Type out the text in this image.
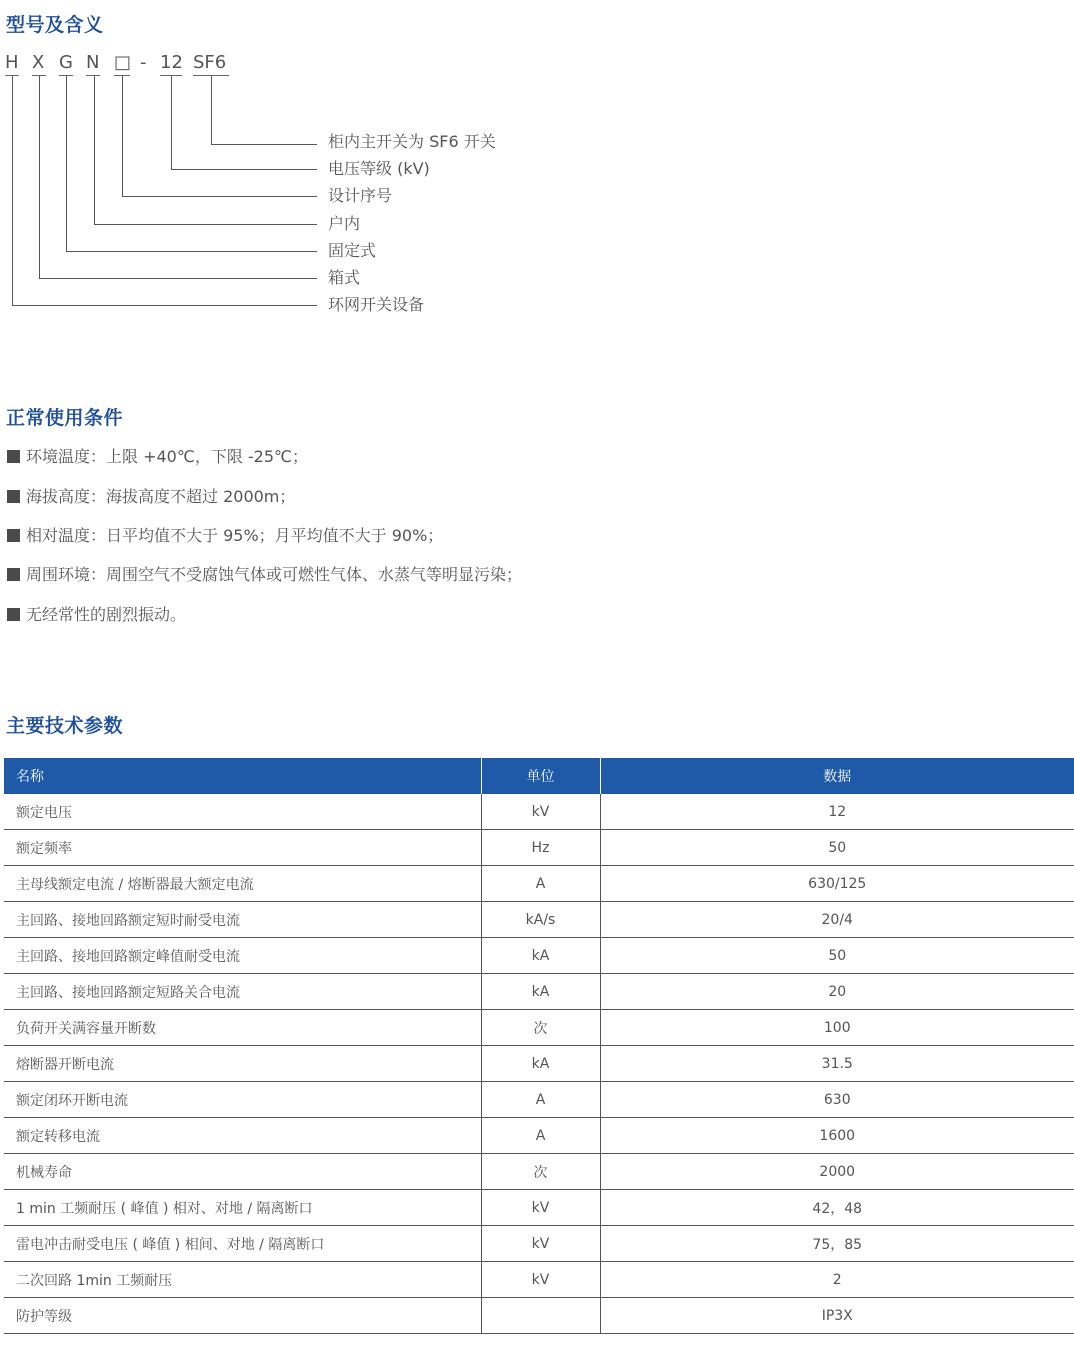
型号及含义
H X G N □ - 12 SF6
柜内主开关为 SF6 开关
电压等级 (kV)
设计序号
户内
固定式
箱式
环网开关设备
正常使用条件
环境温度：上限 +40℃，下限 -25℃；
海拔高度：海拔高度不超过 2000m；
相对温度：日平均值不大于 95%；月平均值不大于 90%；
周围环境：周围空气不受腐蚀气体或可燃性气体、水蒸气等明显污染；
无经常性的剧烈振动。
主要技术参数
名称	单位	数据
额定电压	kV	12
额定频率	Hz	50
主母线额定电流 / 熔断器最大额定电流	A	630/125
主回路、接地回路额定短时耐受电流	kA/s	20/4
主回路、接地回路额定峰值耐受电流	kA	50
主回路、接地回路额定短路关合电流	kA	20
负荷开关满容量开断数	次	100
熔断器开断电流	kA	31.5
额定闭环开断电流	A	630
额定转移电流	A	1600
机械寿命	次	2000
1 min 工频耐压 ( 峰值 ) 相对、对地 / 隔离断口	kV	42，48
雷电冲击耐受电压 ( 峰值 ) 相间、对地 / 隔离断口	kV	75，85
二次回路 1min 工频耐压	kV	2
防护等级		IP3X
